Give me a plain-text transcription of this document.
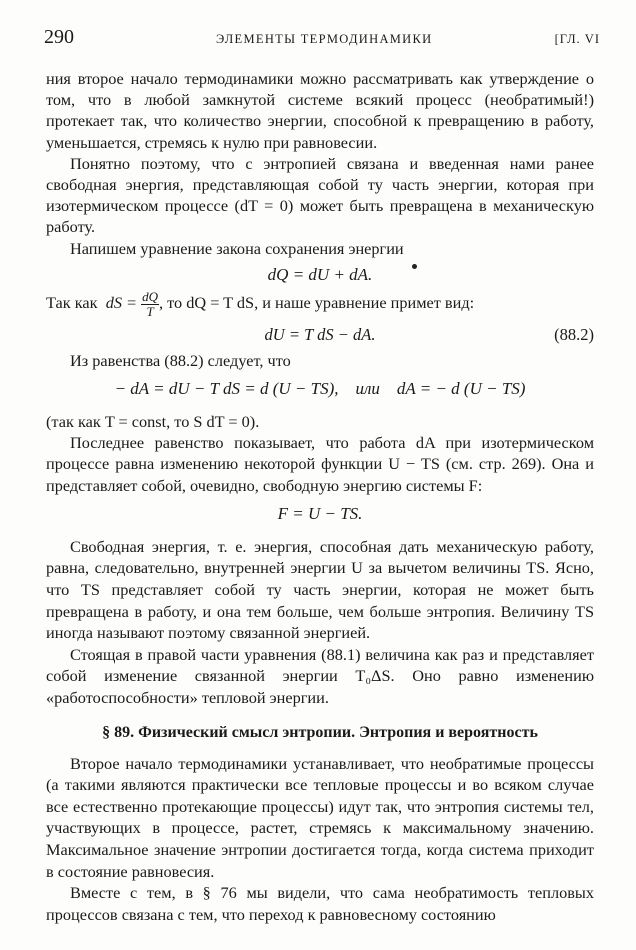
290	ЭЛЕМЕНТЫ ТЕРМОДИНАМИКИ	[ГЛ. VI

ния второе начало термодинамики можно рассматривать как утверждение о том, что в любой замкнутой системе всякий процесс (необратимый!) протекает так, что количество энергии, способной к превращению в работу, уменьшается, стремясь к нулю при равновесии.

Понятно поэтому, что с энтропией связана и введенная нами ранее свободная энергия, представляющая собой ту часть энергии, которая при изотермическом процессе (dT = 0) может быть превращена в механическую работу.

Напишем уравнение закона сохранения энергии

dQ = dU + dA.

Так как dS = $\frac{dQ}{T}$ , то dQ = T dS, и наше уравнение примет вид:

dU = T dS − dA.	(88.2)

Из равенства (88.2) следует, что

− dA = dU − T dS = d (U − TS),    или    dA = − d (U − TS)

(так как T = const, то S dT = 0).

Последнее равенство показывает, что работа dA при изотермическом процессе равна изменению некоторой функции U − TS (см. стр. 269). Она и представляет собой, очевидно, свободную энергию системы F:

F = U − TS.

Свободная энергия, т. е. энергия, способная дать механическую работу, равна, следовательно, внутренней энергии U за вычетом величины TS. Ясно, что TS представляет собой ту часть энергии, которая не может быть превращена в работу, и она тем больше, чем больше энтропия. Величину TS иногда называют поэтому связанной энергией.

Стоящая в правой части уравнения (88.1) величина как раз и представляет собой изменение связанной энергии T₀ΔS. Оно равно изменению «работоспособности» тепловой энергии.

§ 89. Физический смысл энтропии. Энтропия и вероятность

Второе начало термодинамики устанавливает, что необратимые процессы (а такими являются практически все тепловые процессы и во всяком случае все естественно протекающие процессы) идут так, что энтропия системы тел, участвующих в процессе, растет, стремясь к максимальному значению. Максимальное значение энтропии достигается тогда, когда система приходит в состояние равновесия.

Вместе с тем, в § 76 мы видели, что сама необратимость тепловых процессов связана с тем, что переход к равновесному состоянию
